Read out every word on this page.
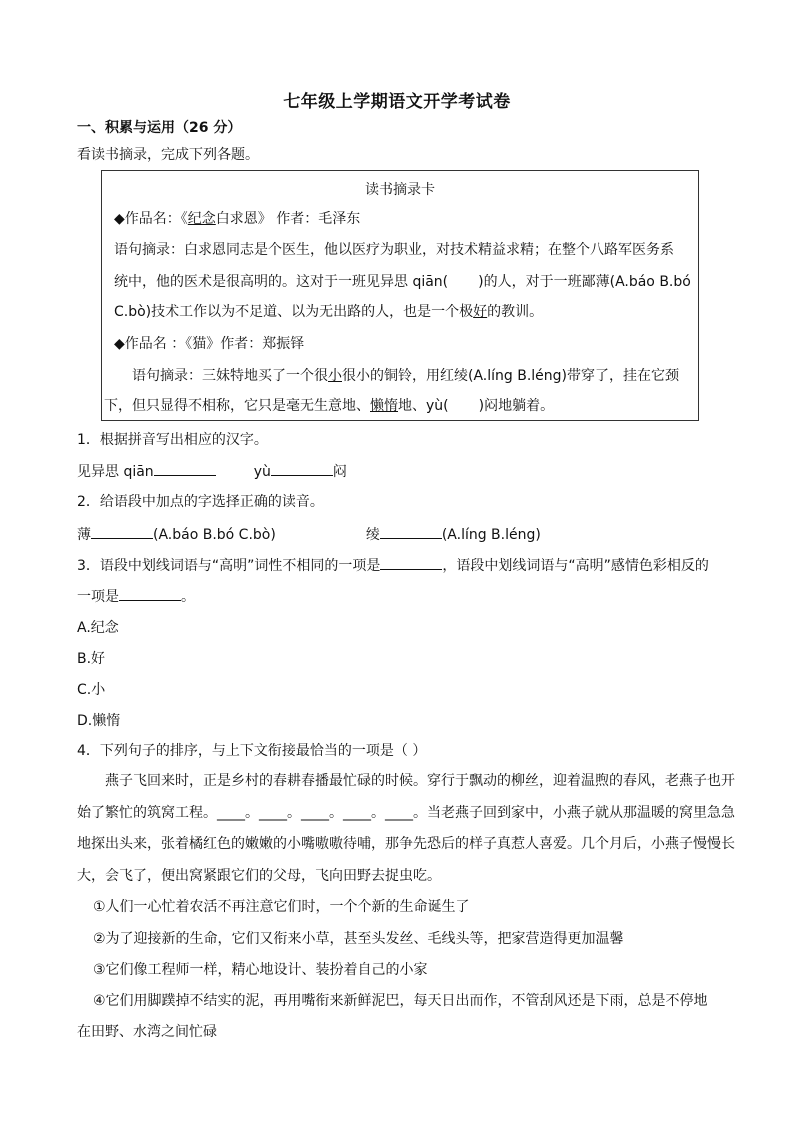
七年级上学期语文开学考试卷
一、积累与运用（26 分）
看读书摘录，完成下列各题。
读书摘录卡
◆作品名：《纪念白求恩》 作者：毛泽东
语句摘录：白求恩同志是个医生，他以医疗为职业，对技术精益求精；在整个八路军医务系
统中，他的医术是很高明的。这对于一班见异思 qiān( )的人，对于一班鄙薄(A.báo B.bó
C.bò)技术工作以为不足道、以为无出路的人，也是一个极好的教训。
◆作品名 ：《猫》作者：郑振铎
语句摘录：三妹特地买了一个很小很小的铜铃，用红绫(A.líng B.léng)带穿了，挂在它颈
下，但只显得不相称，它只是毫无生意地、懒惰地、yù( )闷地躺着。
1．根据拼音写出相应的汉字。
见异思 qiān	yù	闷
2．给语段中加点的字选择正确的读音。
薄	(A.báo B.bó C.bò)	绫	(A.líng B.léng)
3．语段中划线词语与“高明”词性不相同的一项是	，语段中划线词语与“高明”感情色彩相反的
一项是	。
A.纪念
B.好
C.小
D.懒惰
4．下列句子的排序，与上下文衔接最恰当的一项是（ ）

燕子飞回来时，正是乡村的春耕春播最忙碌的时候。穿行于飘动的柳丝，迎着温煦的春风，老燕子也开始了繁忙的筑窝工程。____。____。____。____。____。当老燕子回到家中，小燕子就从那温暖的窝里急急地探出头来，张着橘红色的嫩嫩的小嘴嗷嗷待哺，那争先恐后的样子真惹人喜爱。几个月后，小燕子慢慢长大，会飞了，便出窝紧跟它们的父母，飞向田野去捉虫吃。

①人们一心忙着农活不再注意它们时，一个个新的生命诞生了
②为了迎接新的生命，它们又衔来小草，甚至头发丝、毛线头等，把家营造得更加温馨
③它们像工程师一样，精心地设计、装扮着自己的小家
④它们用脚蹼掉不结实的泥，再用嘴衔来新鲜泥巴，每天日出而作，不管刮风还是下雨，总是不停地
在田野、水湾之间忙碌
